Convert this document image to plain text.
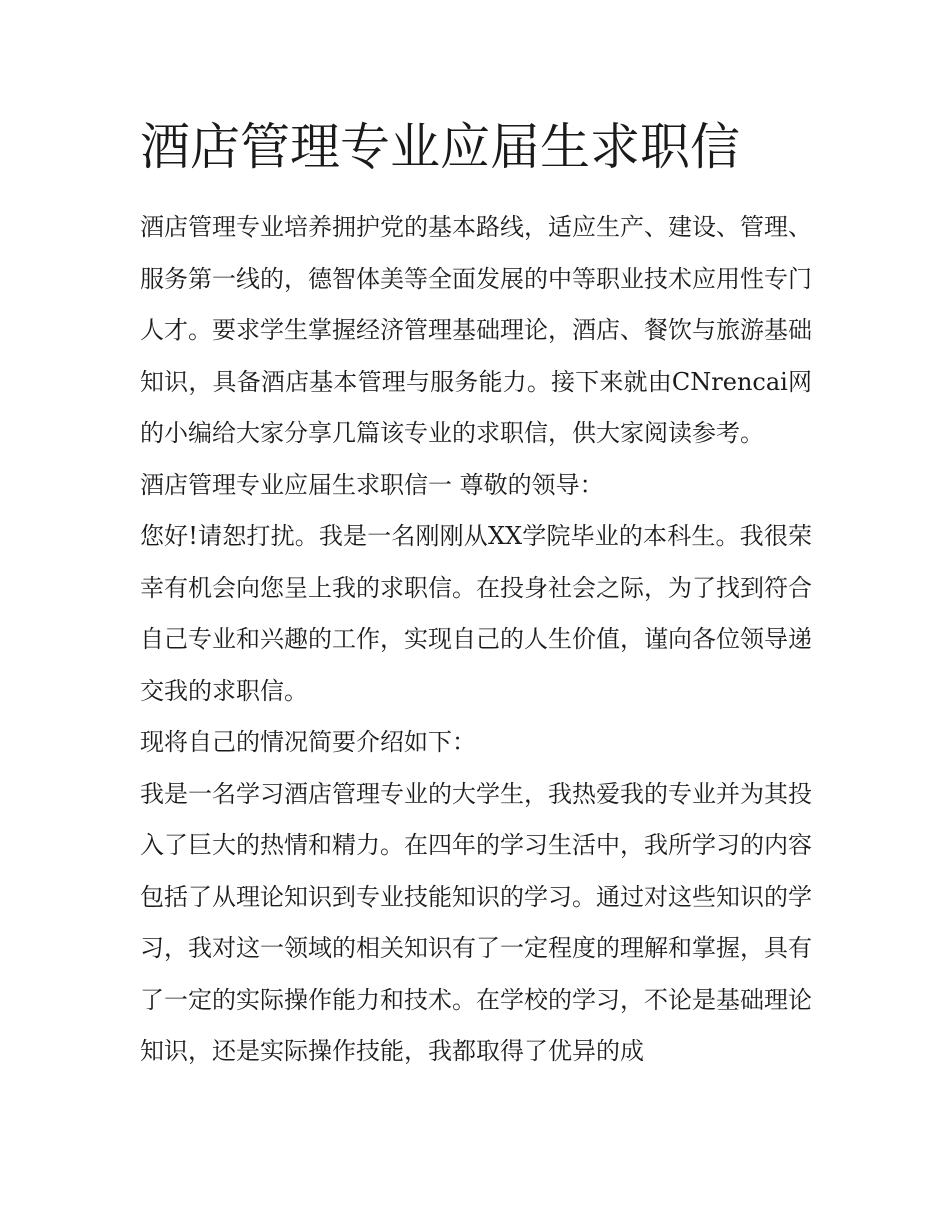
酒店管理专业应届生求职信

酒店管理专业培养拥护党的基本路线，适应生产、建设、管理、服务第一线的，德智体美等全面发展的中等职业技术应用性专门人才。要求学生掌握经济管理基础理论，酒店、餐饮与旅游基础知识，具备酒店基本管理与服务能力。接下来就由CNrencai网的小编给大家分享几篇该专业的求职信，供大家阅读参考。

酒店管理专业应届生求职信一 尊敬的领导：

您好!请恕打扰。我是一名刚刚从XX学院毕业的本科生。我很荣幸有机会向您呈上我的求职信。在投身社会之际，为了找到符合自己专业和兴趣的工作，实现自己的人生价值，谨向各位领导递交我的求职信。

现将自己的情况简要介绍如下：

我是一名学习酒店管理专业的大学生，我热爱我的专业并为其投入了巨大的热情和精力。在四年的学习生活中，我所学习的内容包括了从理论知识到专业技能知识的学习。通过对这些知识的学习，我对这一领域的相关知识有了一定程度的理解和掌握，具有了一定的实际操作能力和技术。在学校的学习，不论是基础理论知识，还是实际操作技能，我都取得了优异的成
